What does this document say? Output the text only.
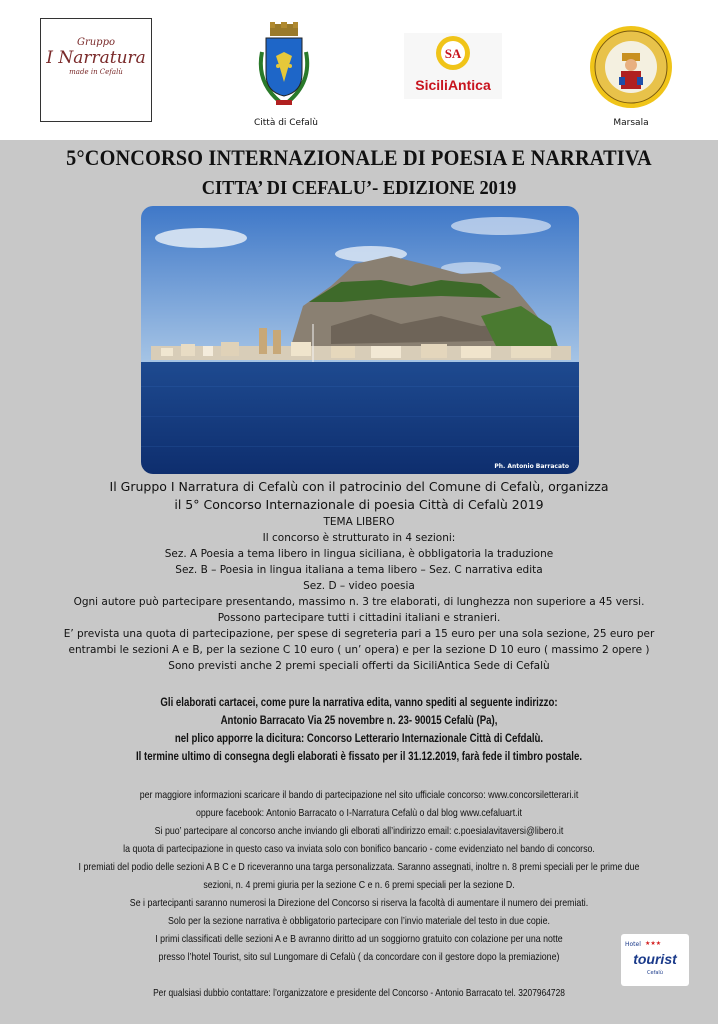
Gruppo
I Narratura
made in Cefalù
Città di Cefalù
SA
SiciliAntica
Marsala
5°CONCORSO INTERNAZIONALE DI POESIA E NARRATIVA
CITTA’ DI CEFALU’- EDIZIONE 2019
Ph. Antonio Barracato
Il Gruppo I Narratura di Cefalù con il patrocinio del Comune di Cefalù, organizza
il 5° Concorso Internazionale di poesia Città di Cefalù 2019
TEMA LIBERO
Il concorso è strutturato in 4 sezioni:
Sez. A Poesia a tema libero in lingua siciliana, è obbligatoria la traduzione
Sez. B – Poesia in lingua italiana a tema libero – Sez. C narrativa edita
Sez. D – video poesia
Ogni autore può partecipare presentando, massimo n. 3 tre elaborati, di lunghezza non superiore a 45 versi.
Possono partecipare tutti i cittadini italiani e stranieri.
E’ prevista una quota di partecipazione, per spese di segreteria pari a 15 euro per una sola sezione, 25 euro per
entrambi le sezioni A e B, per la sezione C 10 euro ( un’ opera) e per la sezione D 10 euro ( massimo 2 opere )
Sono previsti anche 2 premi speciali offerti da SiciliAntica Sede di Cefalù
Gli elaborati cartacei, come pure la narrativa edita, vanno spediti al seguente indirizzo:
Antonio Barracato Via 25 novembre n. 23- 90015 Cefalù (Pa),
nel plico apporre la dicitura: Concorso Letterario Internazionale Città di Cefdalù.
Il termine ultimo di consegna degli elaborati è fissato per il 31.12.2019, farà fede il timbro postale.
per maggiore informazioni scaricare il bando di partecipazione nel sito ufficiale concorso: www.concorsiletterari.it
oppure facebook: Antonio Barracato o I-Narratura Cefalù o dal blog www.cefaluart.it
Si puo’ partecipare al concorso anche inviando gli elborati all’indirizzo email: c.poesialavitaversi@libero.it
la quota di partecipazione in questo caso va inviata solo con bonifico bancario - come evidenziato nel bando di concorso.
I premiati del podio delle sezioni A B C e D riceveranno una targa personalizzata. Saranno assegnati, inoltre n. 8 premi speciali per le prime due
sezioni, n. 4 premi giuria per la sezione C e n. 6 premi speciali per la sezione D.
Se i partecipanti saranno numerosi la Direzione del Concorso si riserva la facoltà di aumentare il numero dei premiati.
Solo per la sezione narrativa è obbligatorio partecipare con l’invio materiale del testo in due copie.
I primi classificati delle sezioni A e B avranno diritto ad un soggiorno gratuito con colazione per una notte
presso l’hotel Tourist, sito sul Lungomare di Cefalù ( da concordare con il gestore dopo la premiazione)
Hotel ★★★
tourist
Cefalù
Per qualsiasi dubbio contattare: l’organizzatore e presidente del Concorso - Antonio Barracato tel. 3207964728
